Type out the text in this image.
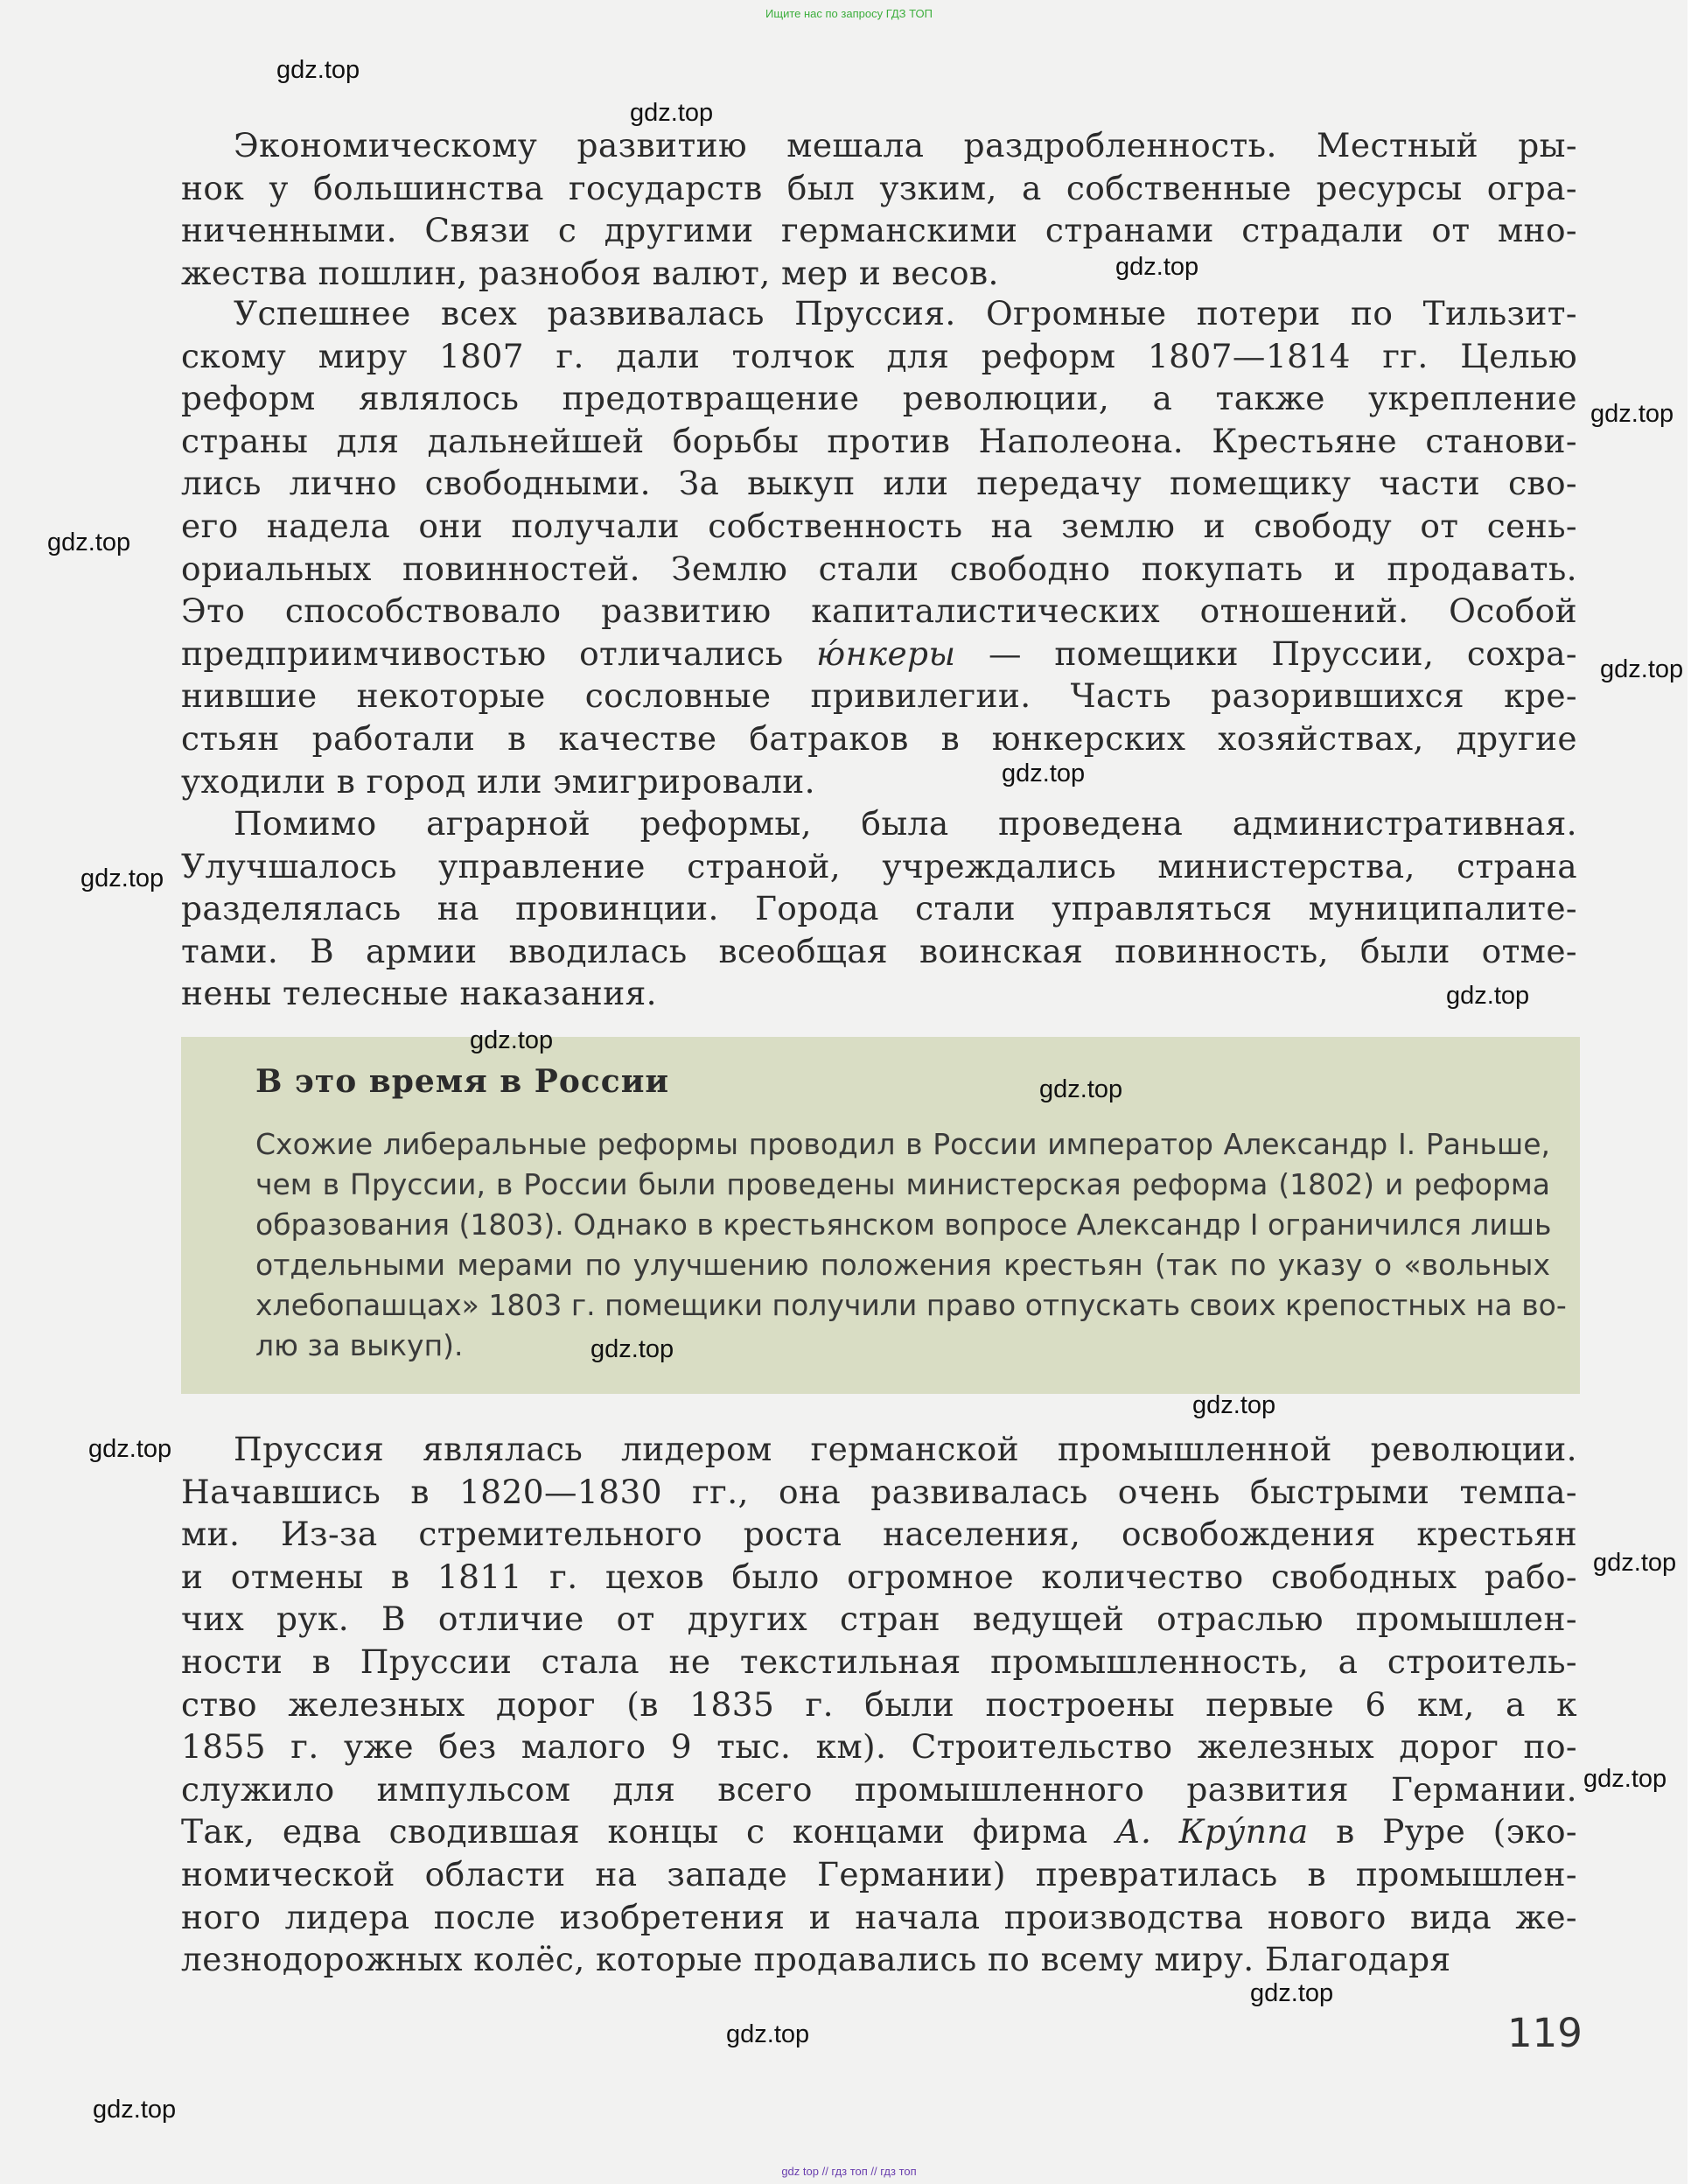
Ищите нас по запросу ГДЗ ТОП
Экономическому развитию мешала раздробленность. Местный ры-
нок у большинства государств был узким, а собственные ресурсы огра-
ниченными. Связи с другими германскими странами страдали от мно-
жества пошлин, разнобоя валют, мер и весов.
Успешнее всех развивалась Пруссия. Огромные потери по Тильзит-
скому миру 1807 г. дали толчок для реформ 1807—1814 гг. Целью
реформ являлось предотвращение революции, а также укрепление
страны для дальнейшей борьбы против Наполеона. Крестьяне станови-
лись лично свободными. За выкуп или передачу помещику части сво-
его надела они получали собственность на землю и свободу от сень-
ориальных повинностей. Землю стали свободно покупать и продавать.
Это способствовало развитию капиталистических отношений. Особой
предприимчивостью отличались ю́нкеры — помещики Пруссии, сохра-
нившие некоторые сословные привилегии. Часть разорившихся кре-
стьян работали в качестве батраков в юнкерских хозяйствах, другие
уходили в город или эмигрировали.
Помимо аграрной реформы, была проведена административная.
Улучшалось управление страной, учреждались министерства, страна
разделялась на провинции. Города стали управляться муниципалите-
тами. В армии вводилась всеобщая воинская повинность, были отме-
нены телесные наказания.
В это время в России
Схожие либеральные реформы проводил в России император Александр I. Раньше,
чем в Пруссии, в России были проведены министерская реформа (1802) и реформа
образования (1803). Однако в крестьянском вопросе Александр I ограничился лишь
отдельными мерами по улучшению положения крестьян (так по указу о «вольных
хлебопашцах» 1803 г. помещики получили право отпускать своих крепостных на во-
лю за выкуп).
Пруссия являлась лидером германской промышленной революции.
Начавшись в 1820—1830 гг., она развивалась очень быстрыми темпа-
ми. Из-за стремительного роста населения, освобождения крестьян
и отмены в 1811 г. цехов было огромное количество свободных рабо-
чих рук. В отличие от других стран ведущей отраслью промышлен-
ности в Пруссии стала не текстильная промышленность, а строитель-
ство железных дорог (в 1835 г. были построены первые 6 км, а к
1855 г. уже без малого 9 тыс. км). Строительство железных дорог по-
служило импульсом для всего промышленного развития Германии.
Так, едва сводившая концы с концами фирма А. Кру́ппа в Руре (эко-
номической области на западе Германии) превратилась в промышлен-
ного лидера после изобретения и начала производства нового вида же-
лезнодорожных колёс, которые продавались по всему миру. Благодаря
119
gdz.top
gdz.top
gdz.top
gdz.top
gdz.top
gdz.top
gdz.top
gdz.top
gdz.top
gdz.top
gdz.top
gdz.top
gdz.top
gdz.top
gdz.top
gdz.top
gdz.top
gdz.top
gdz.top
gdz top // гдз топ // гдз топ
